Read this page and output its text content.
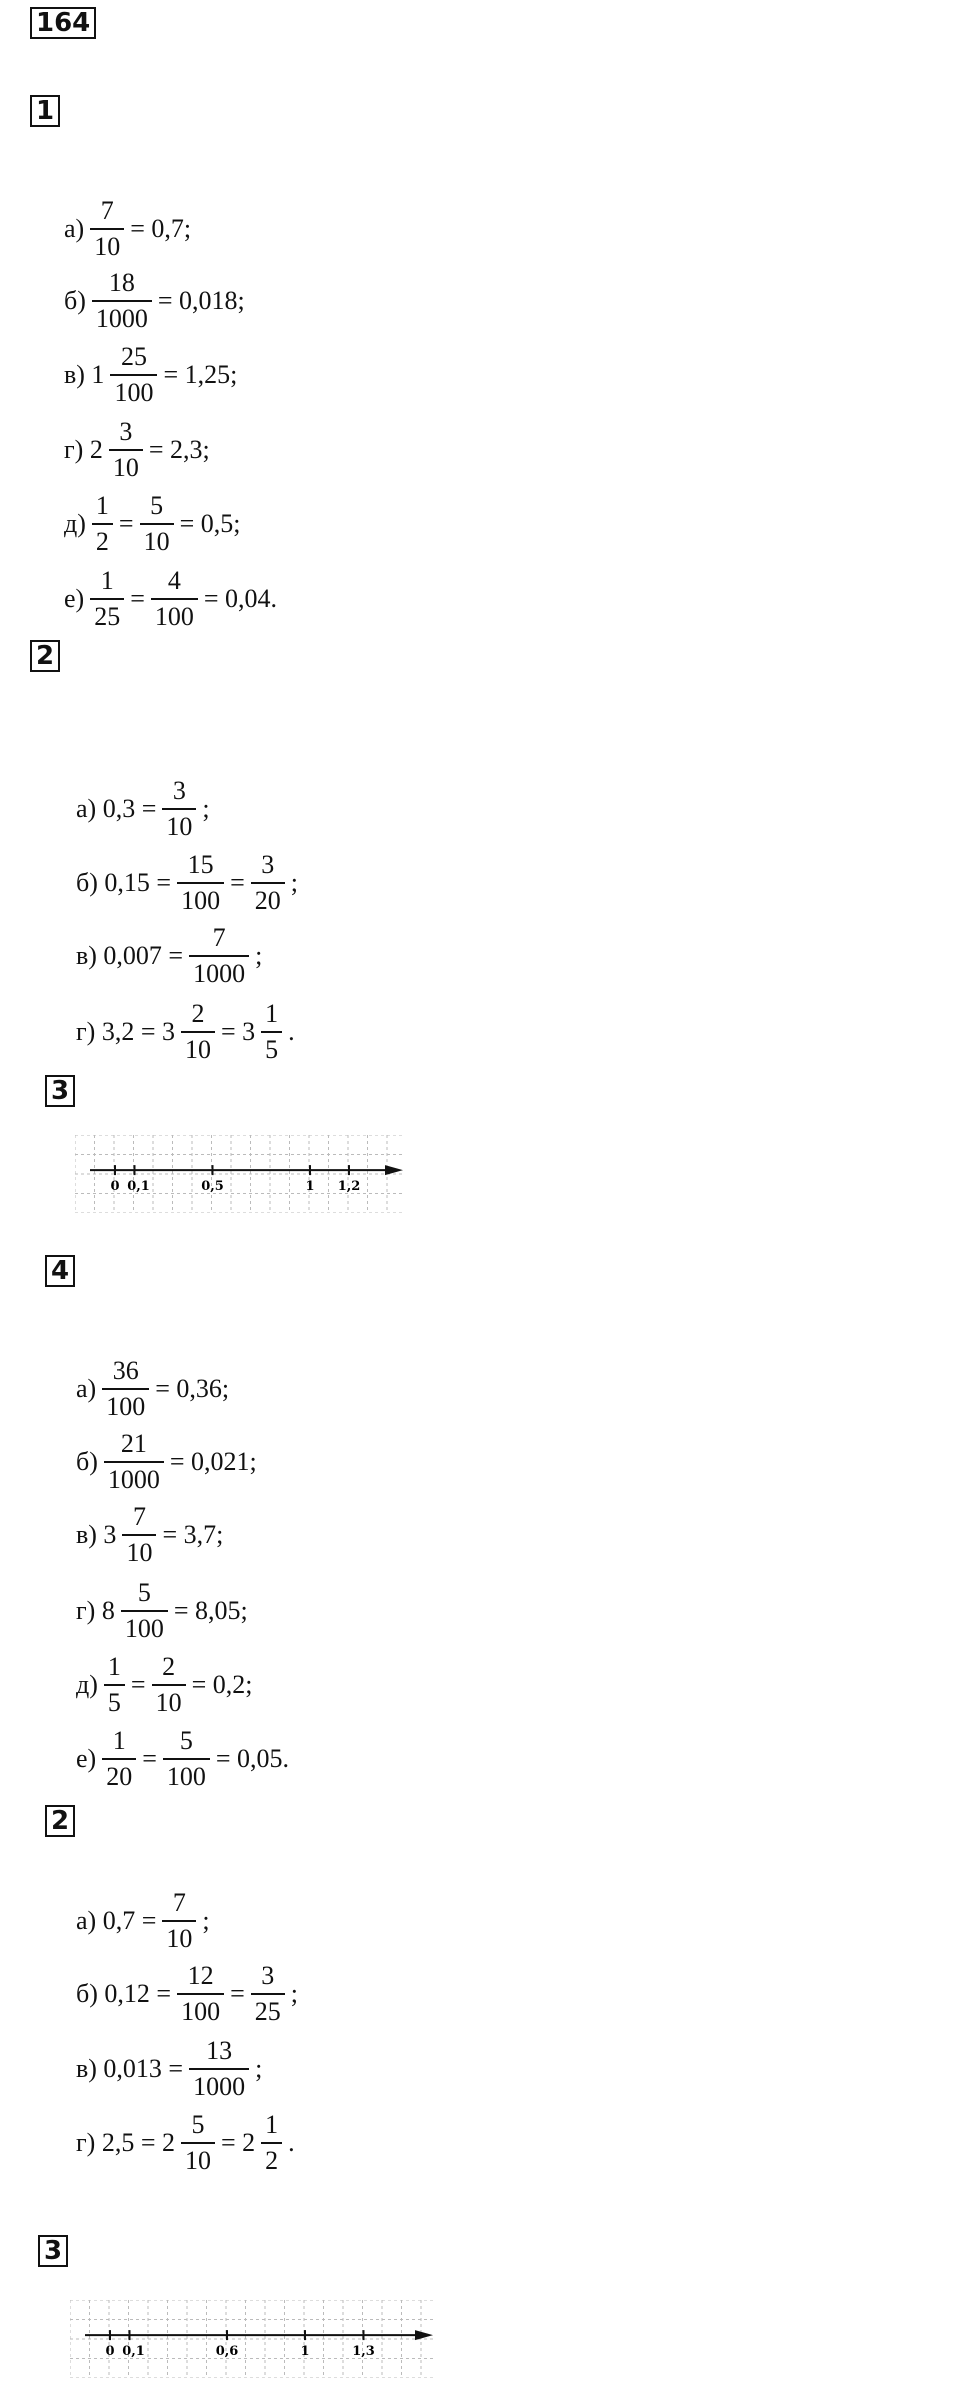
164
1
$а) \frac{7}{10} = 0,7$;
$б) \frac{18}{1000} = 0,018$;
в) $1 \frac{25}{100} = 1,25$;
г) $2 \frac{3}{10} = 2,3$;
$д) \frac{1}{2} = \frac{5}{10} = 0,5$;
$е) \frac{1}{25} = \frac{4}{100} = 0,04$.
2
а) $0,3 = \frac{3}{10}$ ;
б) $0,15 = \frac{15}{100} = \frac{3}{20}$ ;
в) $0,007 = \frac{7}{1000}$ ;
г) $3,2 = 3 \frac{2}{10} = 3 \frac{1}{5}$ .
3
0 0,1	0,5	1 1,2
4
$а) \frac{36}{100} = 0,36$;
$б) \frac{21}{1000} = 0,021$;
в) $3 \frac{7}{10} = 3,7$;
г) $8 \frac{5}{100} = 8,05$;
$д) \frac{1}{5} = \frac{2}{10} = 0,2$;
$е) \frac{1}{20} = \frac{5}{100} = 0,05$.
2
а) $0,7 = \frac{7}{10}$ ;
б) $0,12 = \frac{12}{100} = \frac{3}{25}$ ;
в) $0,013 = \frac{13}{1000}$ ;
г) $2,5 = 2 \frac{5}{10} = 2 \frac{1}{2}$ .
3
0 0,1	0,6	1	1,3
